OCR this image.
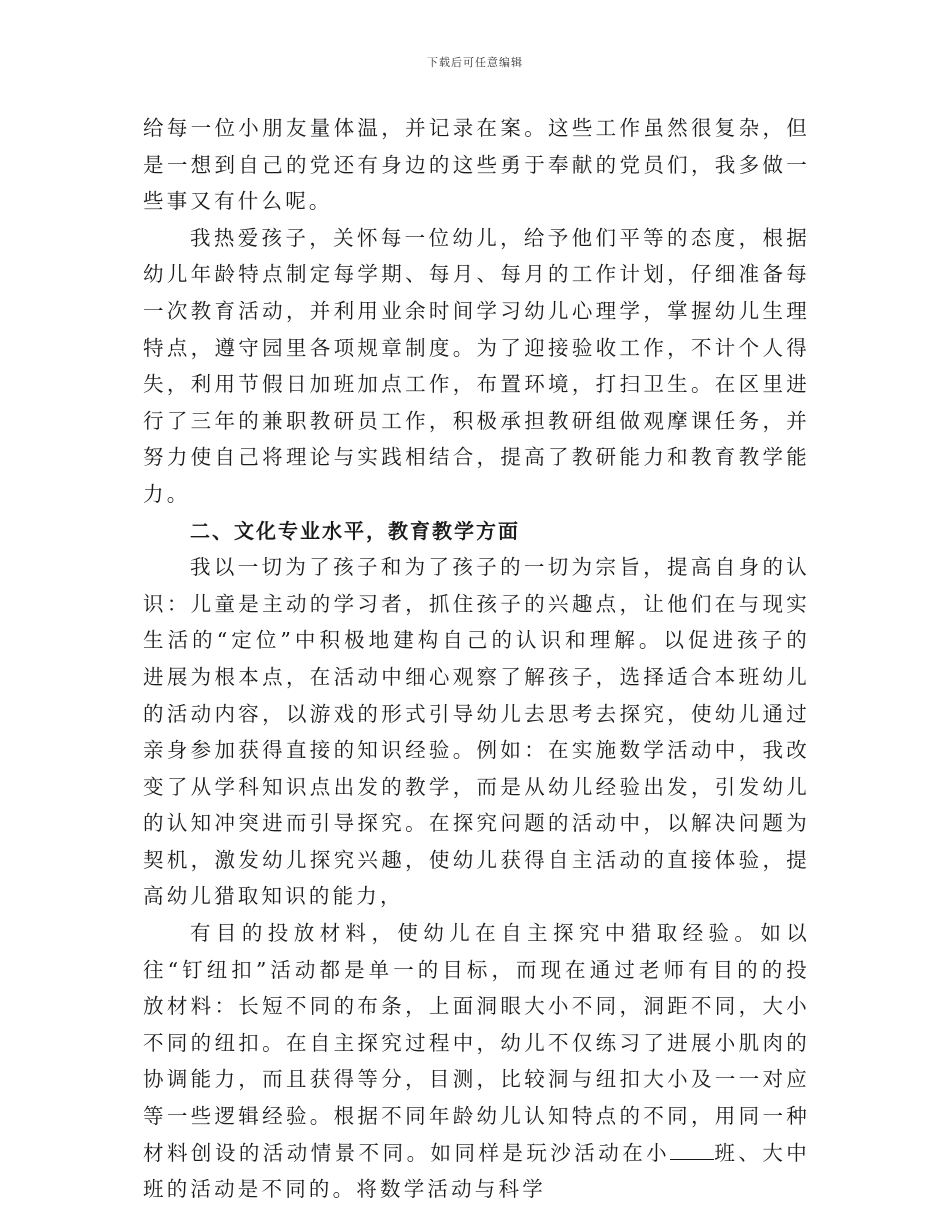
下载后可任意编辑

给每一位小朋友量体温，并记录在案。这些工作虽然很复杂，但是一想到自己的党还有身边的这些勇于奉献的党员们，我多做一些事又有什么呢。

我热爱孩子，关怀每一位幼儿，给予他们平等的态度，根据幼儿年龄特点制定每学期、每月、每月的工作计划，仔细准备每一次教育活动，并利用业余时间学习幼儿心理学，掌握幼儿生理特点，遵守园里各项规章制度。为了迎接验收工作，不计个人得失，利用节假日加班加点工作，布置环境，打扫卫生。在区里进行了三年的兼职教研员工作，积极承担教研组做观摩课任务，并努力使自己将理论与实践相结合，提高了教研能力和教育教学能力。

二、文化专业水平，教育教学方面

我以一切为了孩子和为了孩子的一切为宗旨，提高自身的认识：儿童是主动的学习者，抓住孩子的兴趣点，让他们在与现实生活的“定位”中积极地建构自己的认识和理解。以促进孩子的进展为根本点，在活动中细心观察了解孩子，选择适合本班幼儿的活动内容，以游戏的形式引导幼儿去思考去探究，使幼儿通过亲身参加获得直接的知识经验。例如：在实施数学活动中，我改变了从学科知识点出发的教学，而是从幼儿经验出发，引发幼儿的认知冲突进而引导探究。在探究问题的活动中，以解决问题为契机，激发幼儿探究兴趣，使幼儿获得自主活动的直接体验，提高幼儿猎取知识的能力，

有目的投放材料，使幼儿在自主探究中猎取经验。如以往“钉纽扣”活动都是单一的目标，而现在通过老师有目的的投放材料：长短不同的布条，上面洞眼大小不同，洞距不同，大小不同的纽扣。在自主探究过程中，幼儿不仅练习了进展小肌肉的协调能力，而且获得等分，目测，比较洞与纽扣大小及一一对应等一些逻辑经验。根据不同年龄幼儿认知特点的不同，用同一种材料创设的活动情景不同。如同样是玩沙活动在小 班、大中班的活动是不同的。将数学活动与科学
